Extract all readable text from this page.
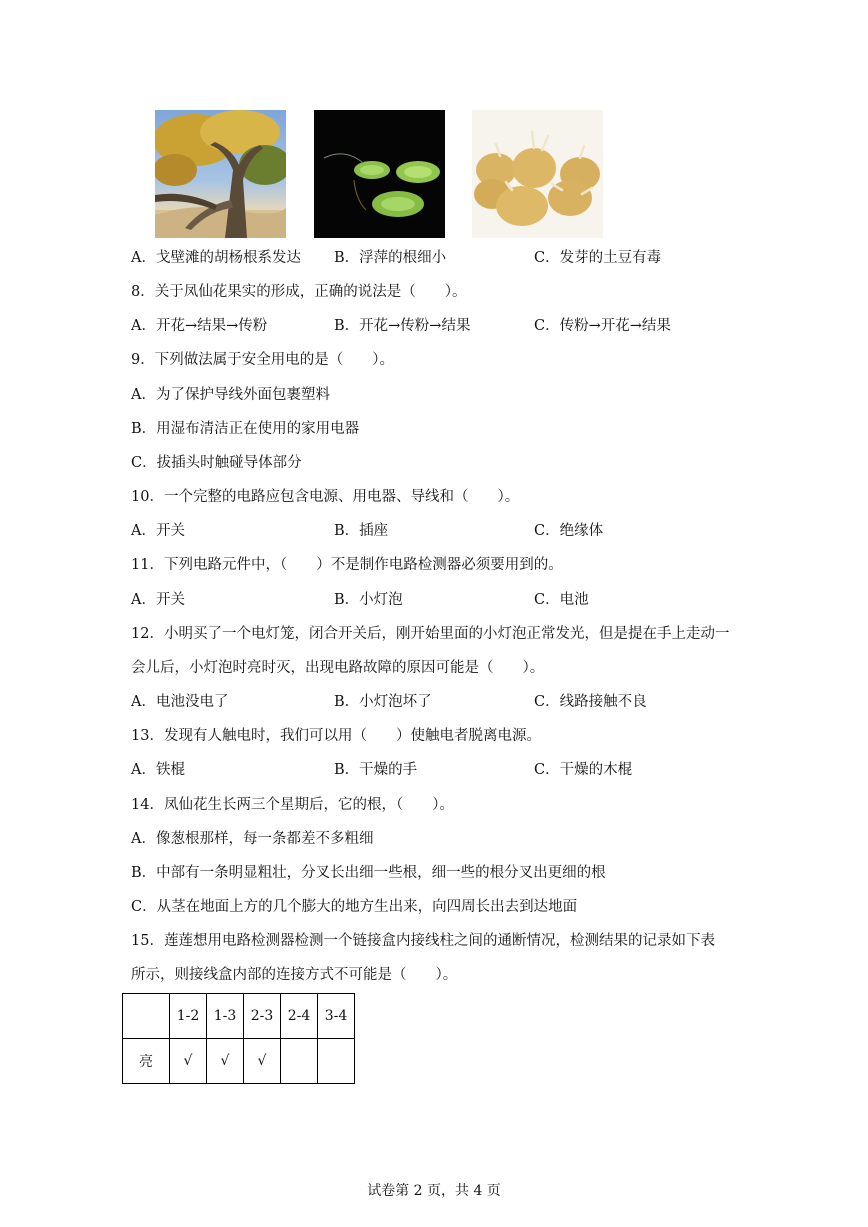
A．戈壁滩的胡杨根系发达 B．浮萍的根细小	C．发芽的土豆有毒
8．关于凤仙花果实的形成，正确的说法是（　　）。
A．开花→结果→传粉	B．开花→传粉→结果	C．传粉→开花→结果
9．下列做法属于安全用电的是（　　）。
A．为了保护导线外面包裹塑料
B．用湿布清洁正在使用的家用电器
C．拔插头时触碰导体部分
10．一个完整的电路应包含电源、用电器、导线和（　　）。
A．开关	B．插座	C．绝缘体
11．下列电路元件中，（　　）不是制作电路检测器必须要用到的。
A．开关	B．小灯泡	C．电池
12．小明买了一个电灯笼，闭合开关后，刚开始里面的小灯泡正常发光，但是提在手上走动一
会儿后，小灯泡时亮时灭，出现电路故障的原因可能是（　　）。
A．电池没电了	B．小灯泡坏了	C．线路接触不良
13．发现有人触电时，我们可以用（　　）使触电者脱离电源。
A．铁棍	B．干燥的手	C．干燥的木棍
14．凤仙花生长两三个星期后，它的根，（　　）。
A．像葱根那样，每一条都差不多粗细
B．中部有一条明显粗壮，分叉长出细一些根，细一些的根分叉出更细的根
C．从茎在地面上方的几个膨大的地方生出来，向四周长出去到达地面
15．莲莲想用电路检测器检测一个链接盒内接线柱之间的通断情况，检测结果的记录如下表
所示，则接线盒内部的连接方式不可能是（　　）。
	1-2	1-3	2-3	2-4	3-4
亮	√	√	√		
试卷第 2 页，共 4 页
